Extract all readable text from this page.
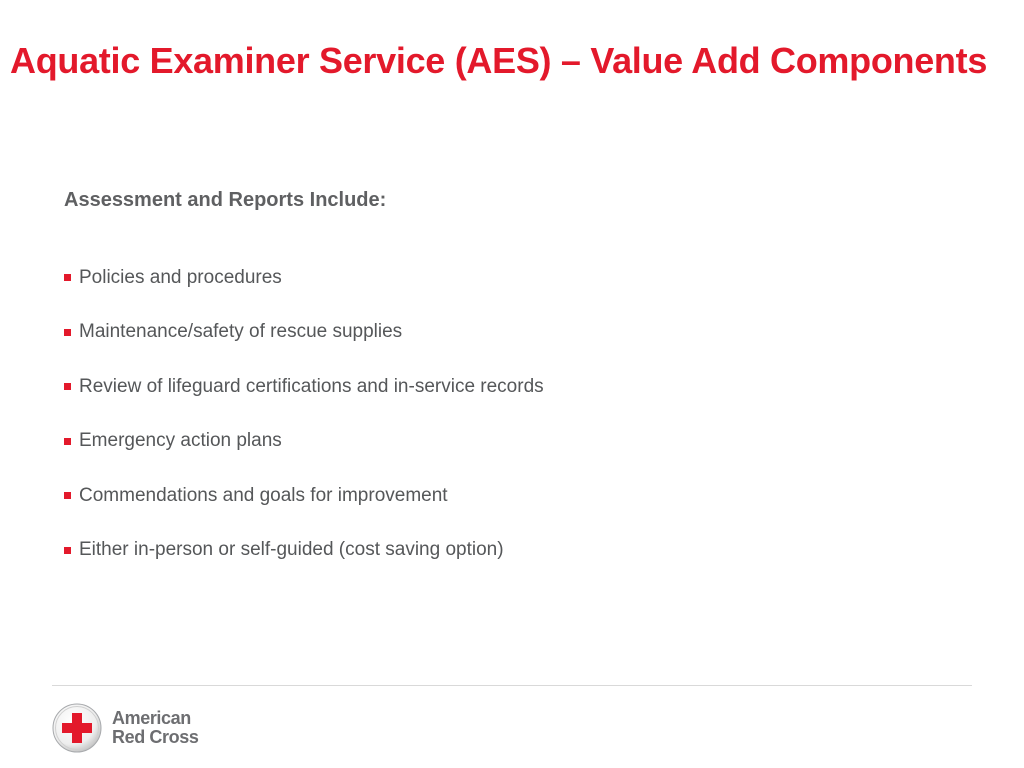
Aquatic Examiner Service (AES) – Value Add Components
Assessment and Reports Include:
Policies and procedures
Maintenance/safety of rescue supplies
Review of lifeguard certifications and in-service records
Emergency action plans
Commendations and goals for improvement
Either in-person or self-guided (cost saving option)
American
Red Cross
